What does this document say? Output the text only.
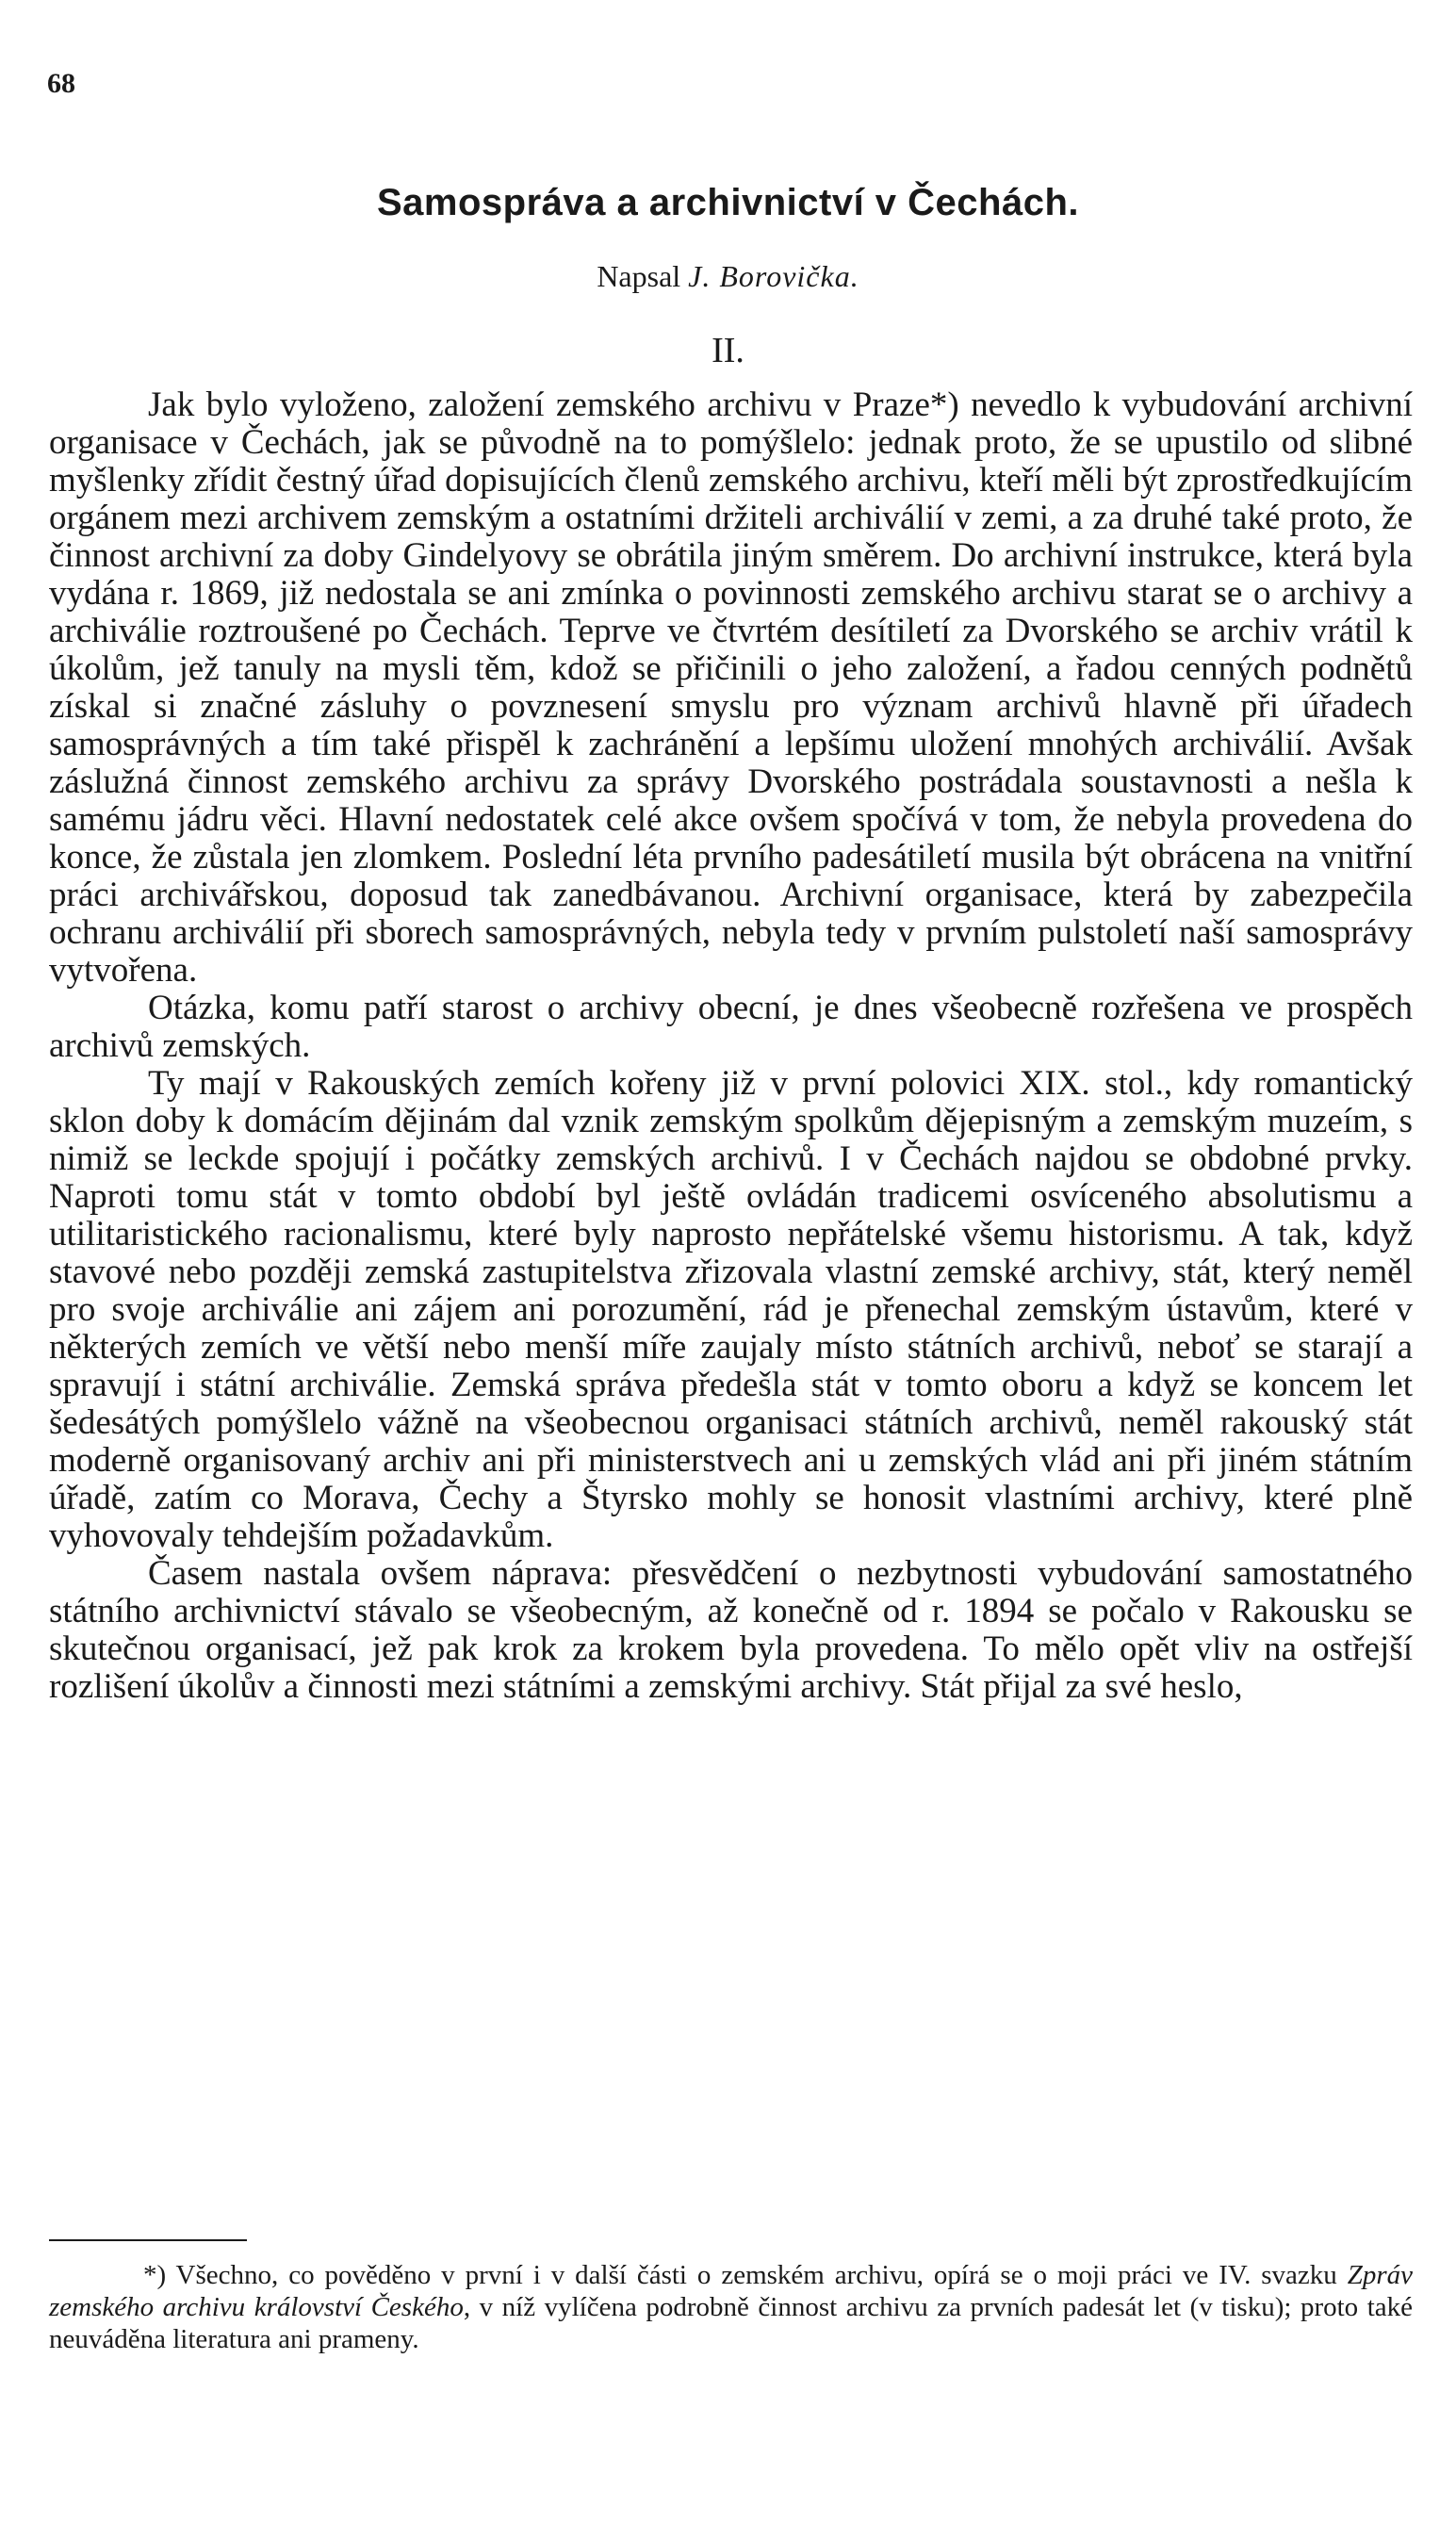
68
Samospráva a archivnictví v Čechách.
Napsal J. Borovička.
II.

Jak bylo vyloženo, založení zemského archivu v Praze*) nevedlo k vybudování archivní organisace v Čechách, jak se původně na to pomýšlelo: jednak proto, že se upustilo od slibné myšlenky zřídit čestný úřad dopisujících členů zemského archivu, kteří měli být zprostředkujícím orgánem mezi archivem zemským a ostatními držiteli archiválií v zemi, a za druhé také proto, že činnost archivní za doby Gindelyovy se obrátila jiným směrem. Do archivní instrukce, která byla vydána r. 1869, již nedostala se ani zmínka o povinnosti zemského archivu starat se o archivy a archiválie roztroušené po Čechách. Teprve ve čtvrtém desítiletí za Dvorského se archiv vrátil k úkolům, jež tanuly na mysli těm, kdož se přičinili o jeho založení, a řadou cenných podnětů získal si značné zásluhy o povznesení smyslu pro význam archivů hlavně při úřadech samosprávných a tím také přispěl k zachránění a lepšímu uložení mnohých archiválií. Avšak záslužná činnost zemského archivu za správy Dvorského postrádala soustavnosti a nešla k samému jádru věci. Hlavní nedostatek celé akce ovšem spočívá v tom, že nebyla provedena do konce, že zůstala jen zlomkem. Poslední léta prvního padesátiletí musila být obrácena na vnitřní práci archivářskou, doposud tak zanedbávanou. Archivní organisace, která by zabezpečila ochranu archiválií při sborech samosprávných, nebyla tedy v prvním pulstoletí naší samosprávy vytvořena.

Otázka, komu patří starost o archivy obecní, je dnes všeobecně rozřešena ve prospěch archivů zemských.

Ty mají v Rakouských zemích kořeny již v první polovici XIX. stol., kdy romantický sklon doby k domácím dějinám dal vznik zemským spolkům dějepisným a zemským muzeím, s nimiž se leckde spojují i počátky zemských archivů. I v Čechách najdou se obdobné prvky. Naproti tomu stát v tomto období byl ještě ovládán tradicemi osvíceného absolutismu a utilitaristického racionalismu, které byly naprosto nepřátelské všemu historismu. A tak, když stavové nebo později zemská zastupitelstva zřizovala vlastní zemské archivy, stát, který neměl pro svoje archiválie ani zájem ani porozumění, rád je přenechal zemským ústavům, které v některých zemích ve větší nebo menší míře zaujaly místo státních archivů, neboť se starají a spravují i státní archiválie. Zemská správa předešla stát v tomto oboru a když se koncem let šedesátých pomýšlelo vážně na všeobecnou organisaci státních archivů, neměl rakouský stát moderně organisovaný archiv ani při ministerstvech ani u zemských vlád ani při jiném státním úřadě, zatím co Morava, Čechy a Štyrsko mohly se honosit vlastními archivy, které plně vyhovovaly tehdejším požadavkům.

Časem nastala ovšem náprava: přesvědčení o nezbytnosti vybudování samostatného státního archivnictví stávalo se všeobecným, až konečně od r. 1894 se počalo v Rakousku se skutečnou organisací, jež pak krok za krokem byla provedena. To mělo opět vliv na ostřejší rozlišení úkolův a činnosti mezi státními a zemskými archivy. Stát přijal za své heslo,

*) Všechno, co pověděno v první i v další části o zemském archivu, opírá se o moji práci ve IV. svazku Zpráv zemského archivu království Českého, v níž vylíčena podrobně činnost archivu za prvních padesát let (v tisku); proto také neuváděna literatura ani prameny.
